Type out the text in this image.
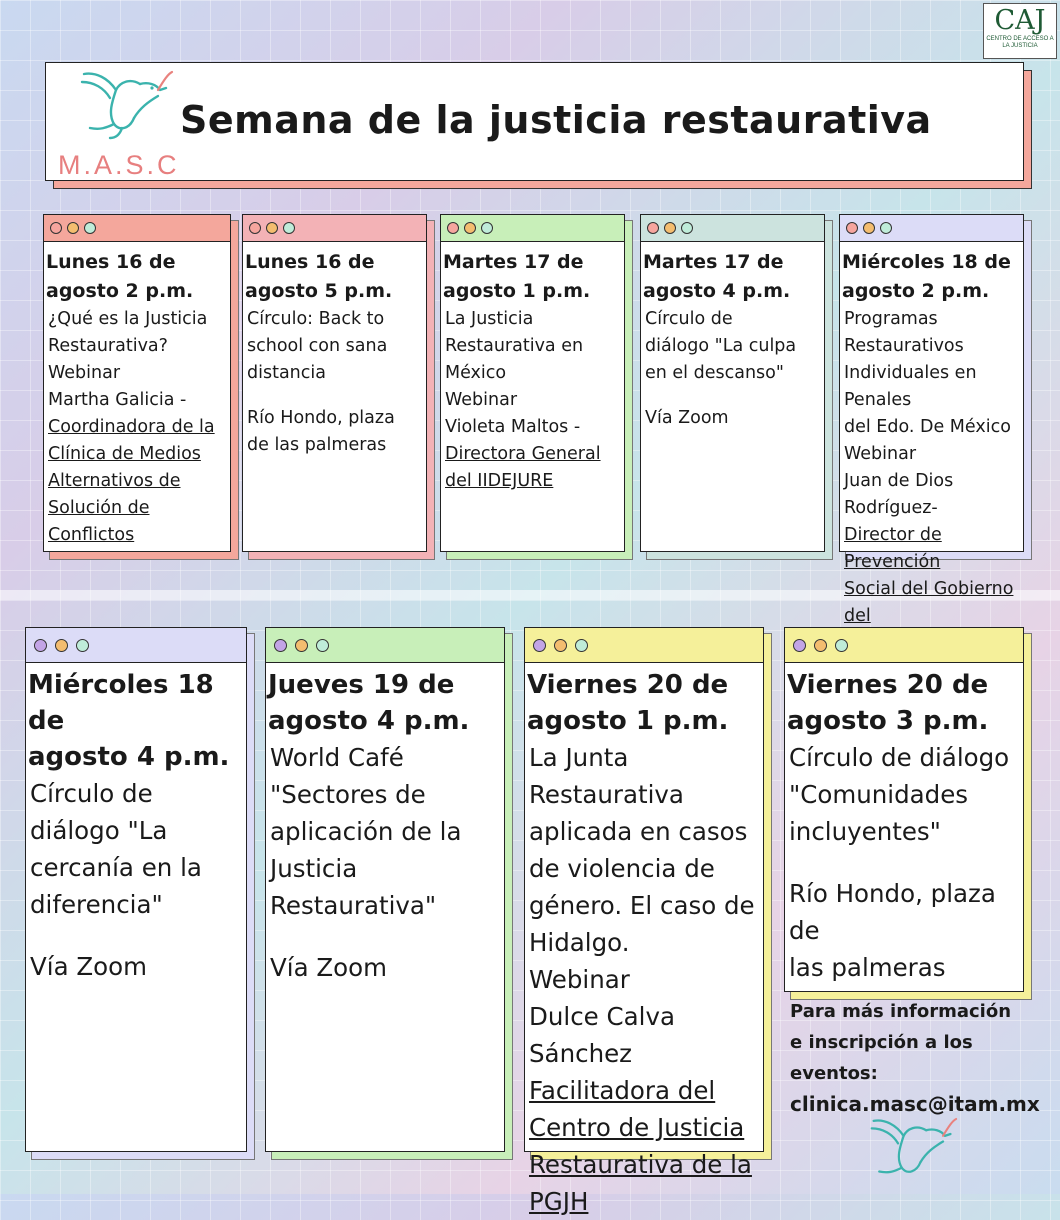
CAJ
CENTRO DE ACCESO A LA JUSTICIA
M.A.S.C
Semana de la justicia restaurativa
Lunes 16 de
agosto 2 p.m.
¿Qué es la Justicia
Restaurativa?
Webinar
Martha Galicia -
Coordinadora de la
Clínica de Medios
Alternativos de
Solución de
Conflictos
Lunes 16 de
agosto 5 p.m.
Círculo: Back to
school con sana
distancia

Río Hondo, plaza
de las palmeras
Martes 17 de
agosto 1 p.m.
La Justicia
Restaurativa en
México
Webinar
Violeta Maltos -
Directora General
del IIDEJURE
Martes 17 de
agosto 4 p.m.
Círculo de
diálogo "La culpa
en el descanso"

Vía Zoom
Miércoles 18 de
agosto 2 p.m.
Programas
Restaurativos
Individuales en Penales
del Edo. De México
Webinar
Juan de Dios
Rodríguez-
Director de Prevención
Social del Gobierno del
Miércoles 18 de
agosto 4 p.m.
Círculo de
diálogo "La
cercanía en la
diferencia"

Vía Zoom
Jueves 19 de
agosto 4 p.m.
World Café
"Sectores de
aplicación de la
Justicia
Restaurativa"

Vía Zoom
Viernes 20 de
agosto 1 p.m.
La Junta
Restaurativa
aplicada en casos
de violencia de
género. El caso de
Hidalgo.
Webinar
Dulce Calva
Sánchez
Facilitadora del
Centro de Justicia
Restaurativa de la
PGJH
Viernes 20 de
agosto 3 p.m.
Círculo de diálogo
"Comunidades
incluyentes"

Río Hondo, plaza de
las palmeras
Para más información
e inscripción a los
eventos:
clinica.masc@itam.mx
